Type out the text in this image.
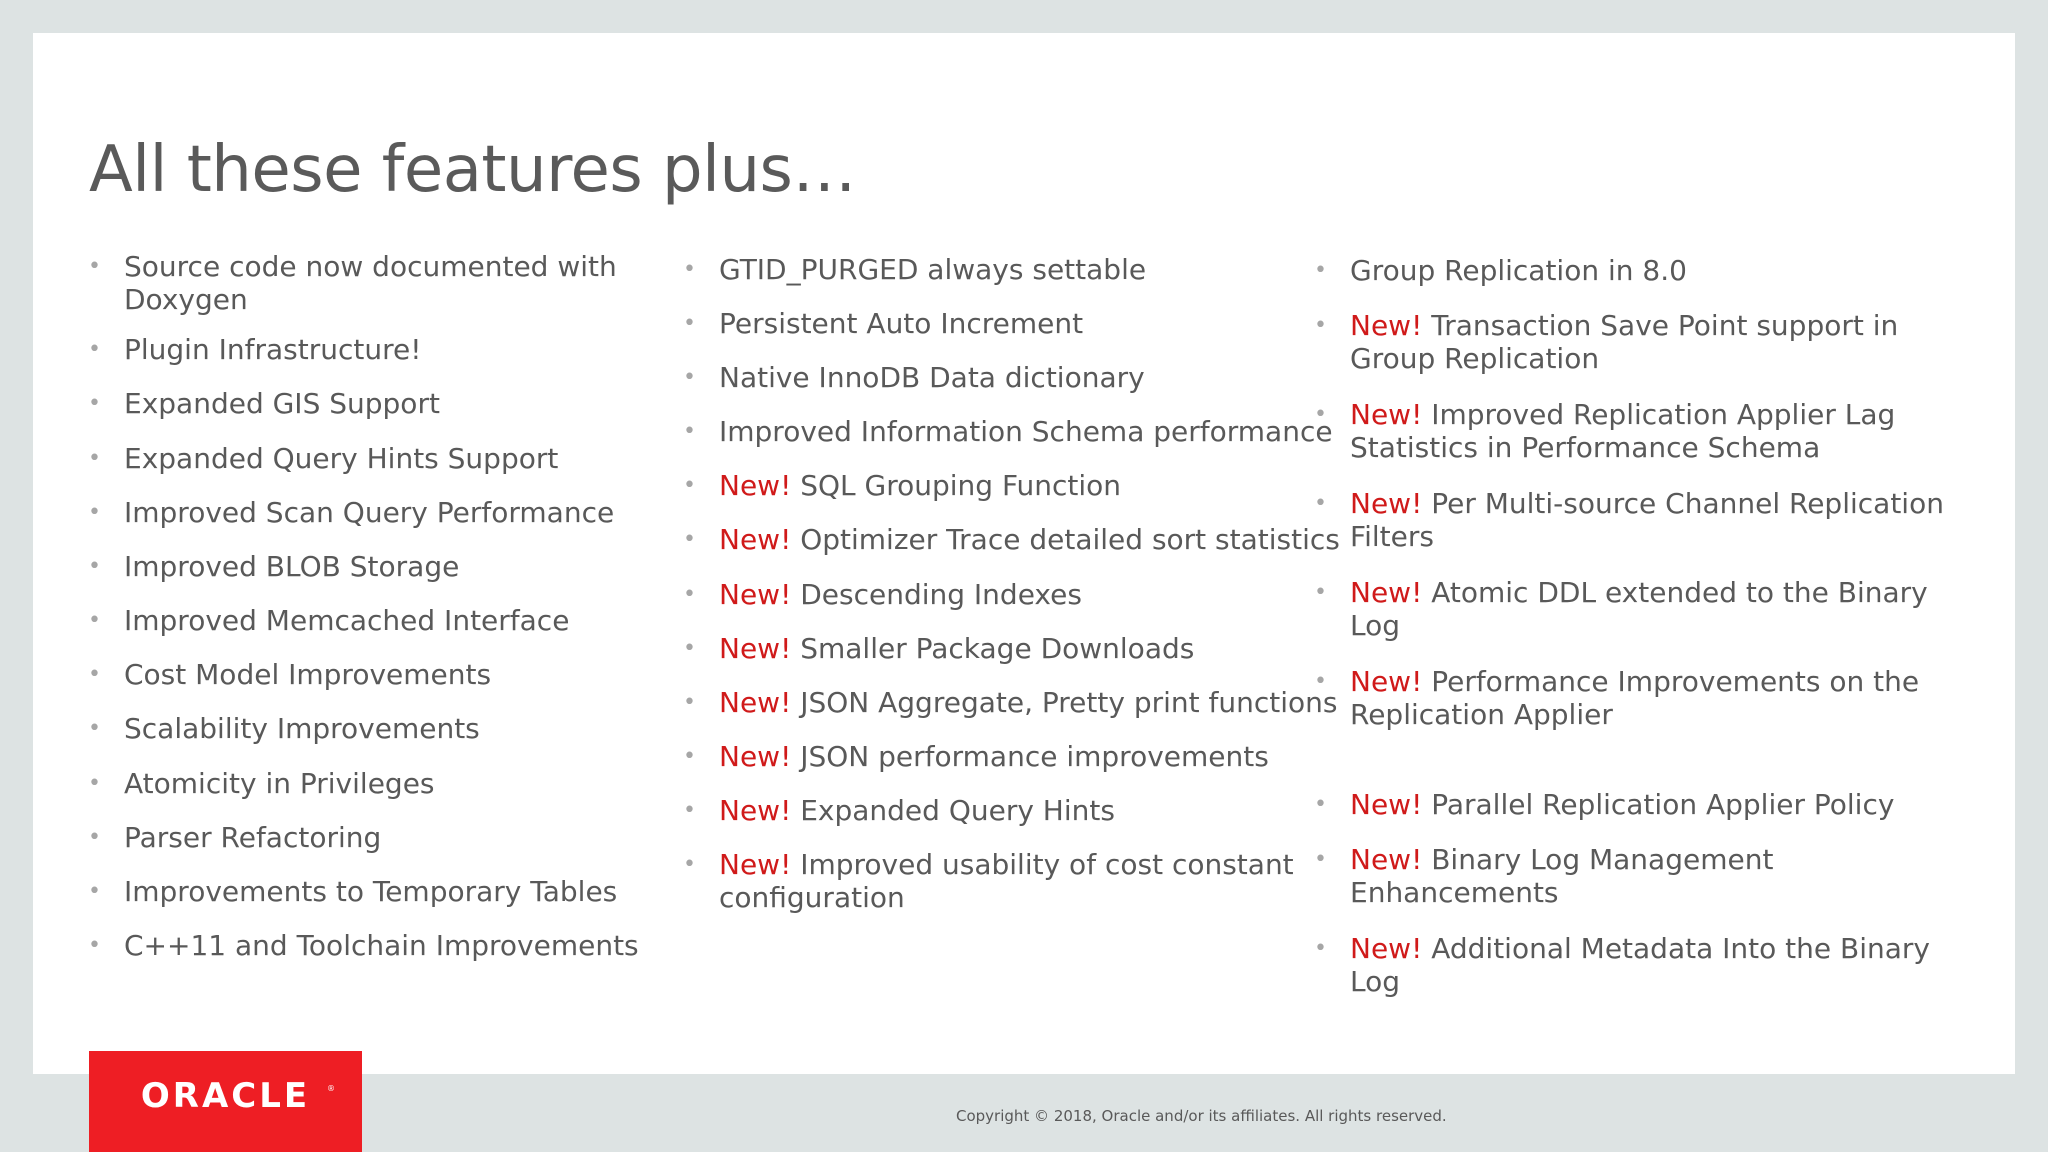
All these features plus…
• Source code now documented with
Doxygen
• Plugin Infrastructure!
• Expanded GIS Support
• Expanded Query Hints Support
• Improved Scan Query Performance
• Improved BLOB Storage
• Improved Memcached Interface
• Cost Model Improvements
• Scalability Improvements
• Atomicity in Privileges
• Parser Refactoring
• Improvements to Temporary Tables
• C++11 and Toolchain Improvements
• GTID_PURGED always settable
• Persistent Auto Increment
• Native InnoDB Data dictionary
• Improved Information Schema performance
• New! SQL Grouping Function
• New! Optimizer Trace detailed sort statistics
• New! Descending Indexes
• New! Smaller Package Downloads
• New! JSON Aggregate, Pretty print functions
• New! JSON performance improvements
• New! Expanded Query Hints
• New! Improved usability of cost constant
configuration
• Group Replication in 8.0
• New! Transaction Save Point support in
Group Replication
• New! Improved Replication Applier Lag
Statistics in Performance Schema
• New! Per Multi-source Channel Replication
Filters
• New! Atomic DDL extended to the Binary
Log
• New! Performance Improvements on the
Replication Applier
• New! Parallel Replication Applier Policy
• New! Binary Log Management
Enhancements
• New! Additional Metadata Into the Binary
Log
ORACLE ®
Copyright © 2018, Oracle and/or its affiliates. All rights reserved.
